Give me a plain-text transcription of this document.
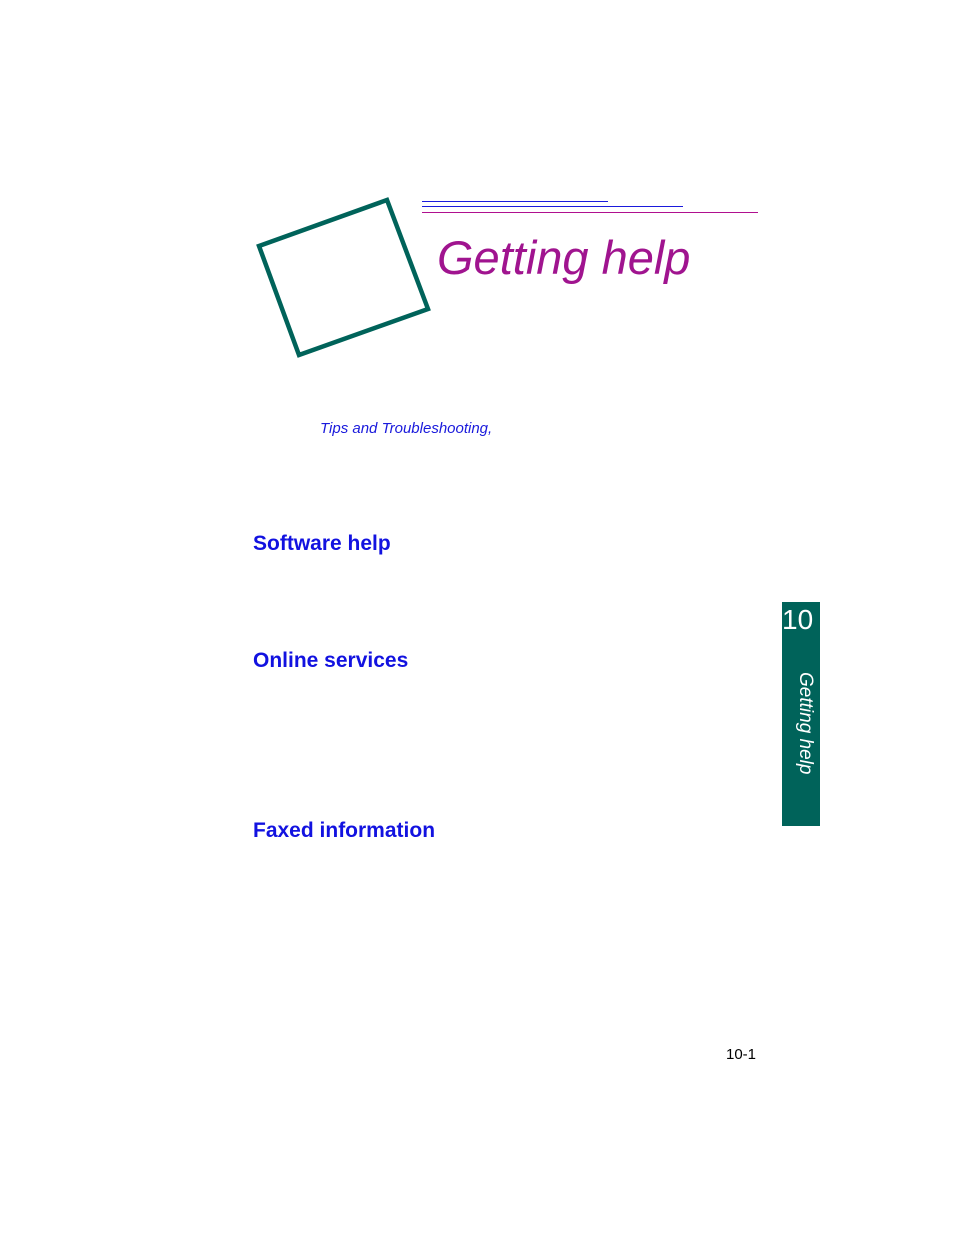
Getting help
Tips and Troubleshooting,
Software help
Online services
Faxed information
10
Getting help
10-1
